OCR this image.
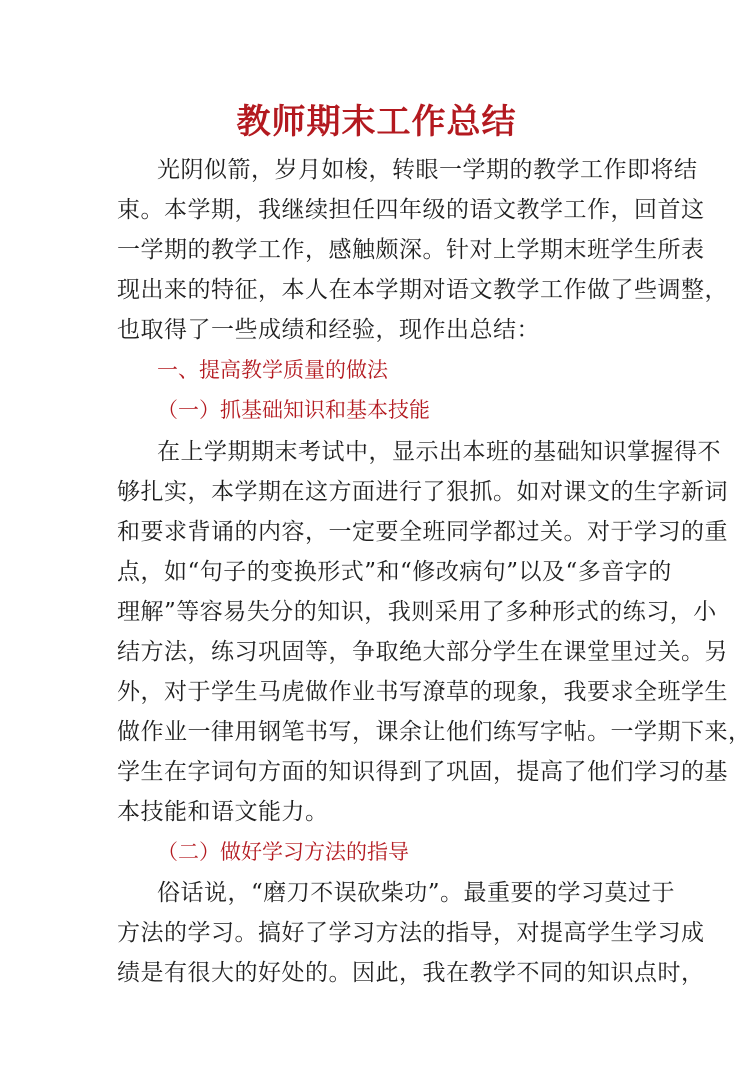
教师期末工作总结
光阴似箭，岁月如梭，转眼一学期的教学工作即将结
束。本学期，我继续担任四年级的语文教学工作，回首这
一学期的教学工作，感触颇深。针对上学期末班学生所表
现出来的特征，本人在本学期对语文教学工作做了些调整，
也取得了一些成绩和经验，现作出总结：
一、提高教学质量的做法
（一）抓基础知识和基本技能
在上学期期末考试中，显示出本班的基础知识掌握得不
够扎实，本学期在这方面进行了狠抓。如对课文的生字新词
和要求背诵的内容，一定要全班同学都过关。对于学习的重
点，如“句子的变换形式”和“修改病句”以及“多音字的
理解”等容易失分的知识，我则采用了多种形式的练习，小
结方法，练习巩固等，争取绝大部分学生在课堂里过关。另
外，对于学生马虎做作业书写潦草的现象，我要求全班学生
做作业一律用钢笔书写，课余让他们练写字帖。一学期下来，
学生在字词句方面的知识得到了巩固，提高了他们学习的基
本技能和语文能力。
（二）做好学习方法的指导
俗话说，“磨刀不误砍柴功”。最重要的学习莫过于
方法的学习。搞好了学习方法的指导，对提高学生学习成
绩是有很大的好处的。因此，我在教学不同的知识点时，
